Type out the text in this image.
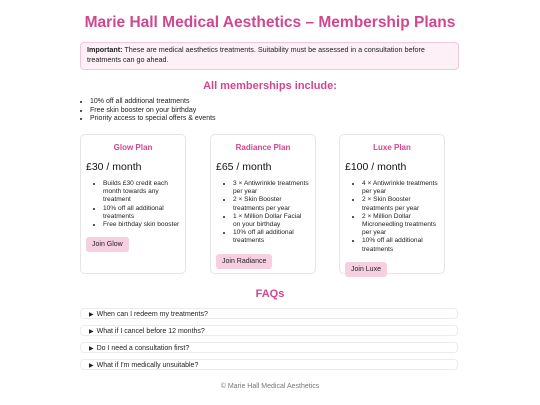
Marie Hall Medical Aesthetics – Membership Plans
Important: These are medical aesthetics treatments. Suitability must be assessed in a consultation before treatments can go ahead.
All memberships include:
• 10% off all additional treatments
• Free skin booster on your birthday
• Priority access to special offers & events
Glow Plan
£30 / month
• Builds £30 credit each month towards any treatment
• 10% off all additional treatments
• Free birthday skin booster
Join Glow
Radiance Plan
£65 / month
• 3 × Antiwrinkle treatments per year
• 2 × Skin Booster treatments per year
• 1 × Million Dollar Facial on your birthday
• 10% off all additional treatments
Join Radiance
Luxe Plan
£100 / month
• 4 × Antiwrinkle treatments per year
• 2 × Skin Booster treatments per year
• 2 × Million Dollar Microneedling treatments per year
• 10% off all additional treatments
Join Luxe
FAQs
▶ When can I redeem my treatments?
▶ What if I cancel before 12 months?
▶ Do I need a consultation first?
▶ What if I'm medically unsuitable?
© Marie Hall Medical Aesthetics
